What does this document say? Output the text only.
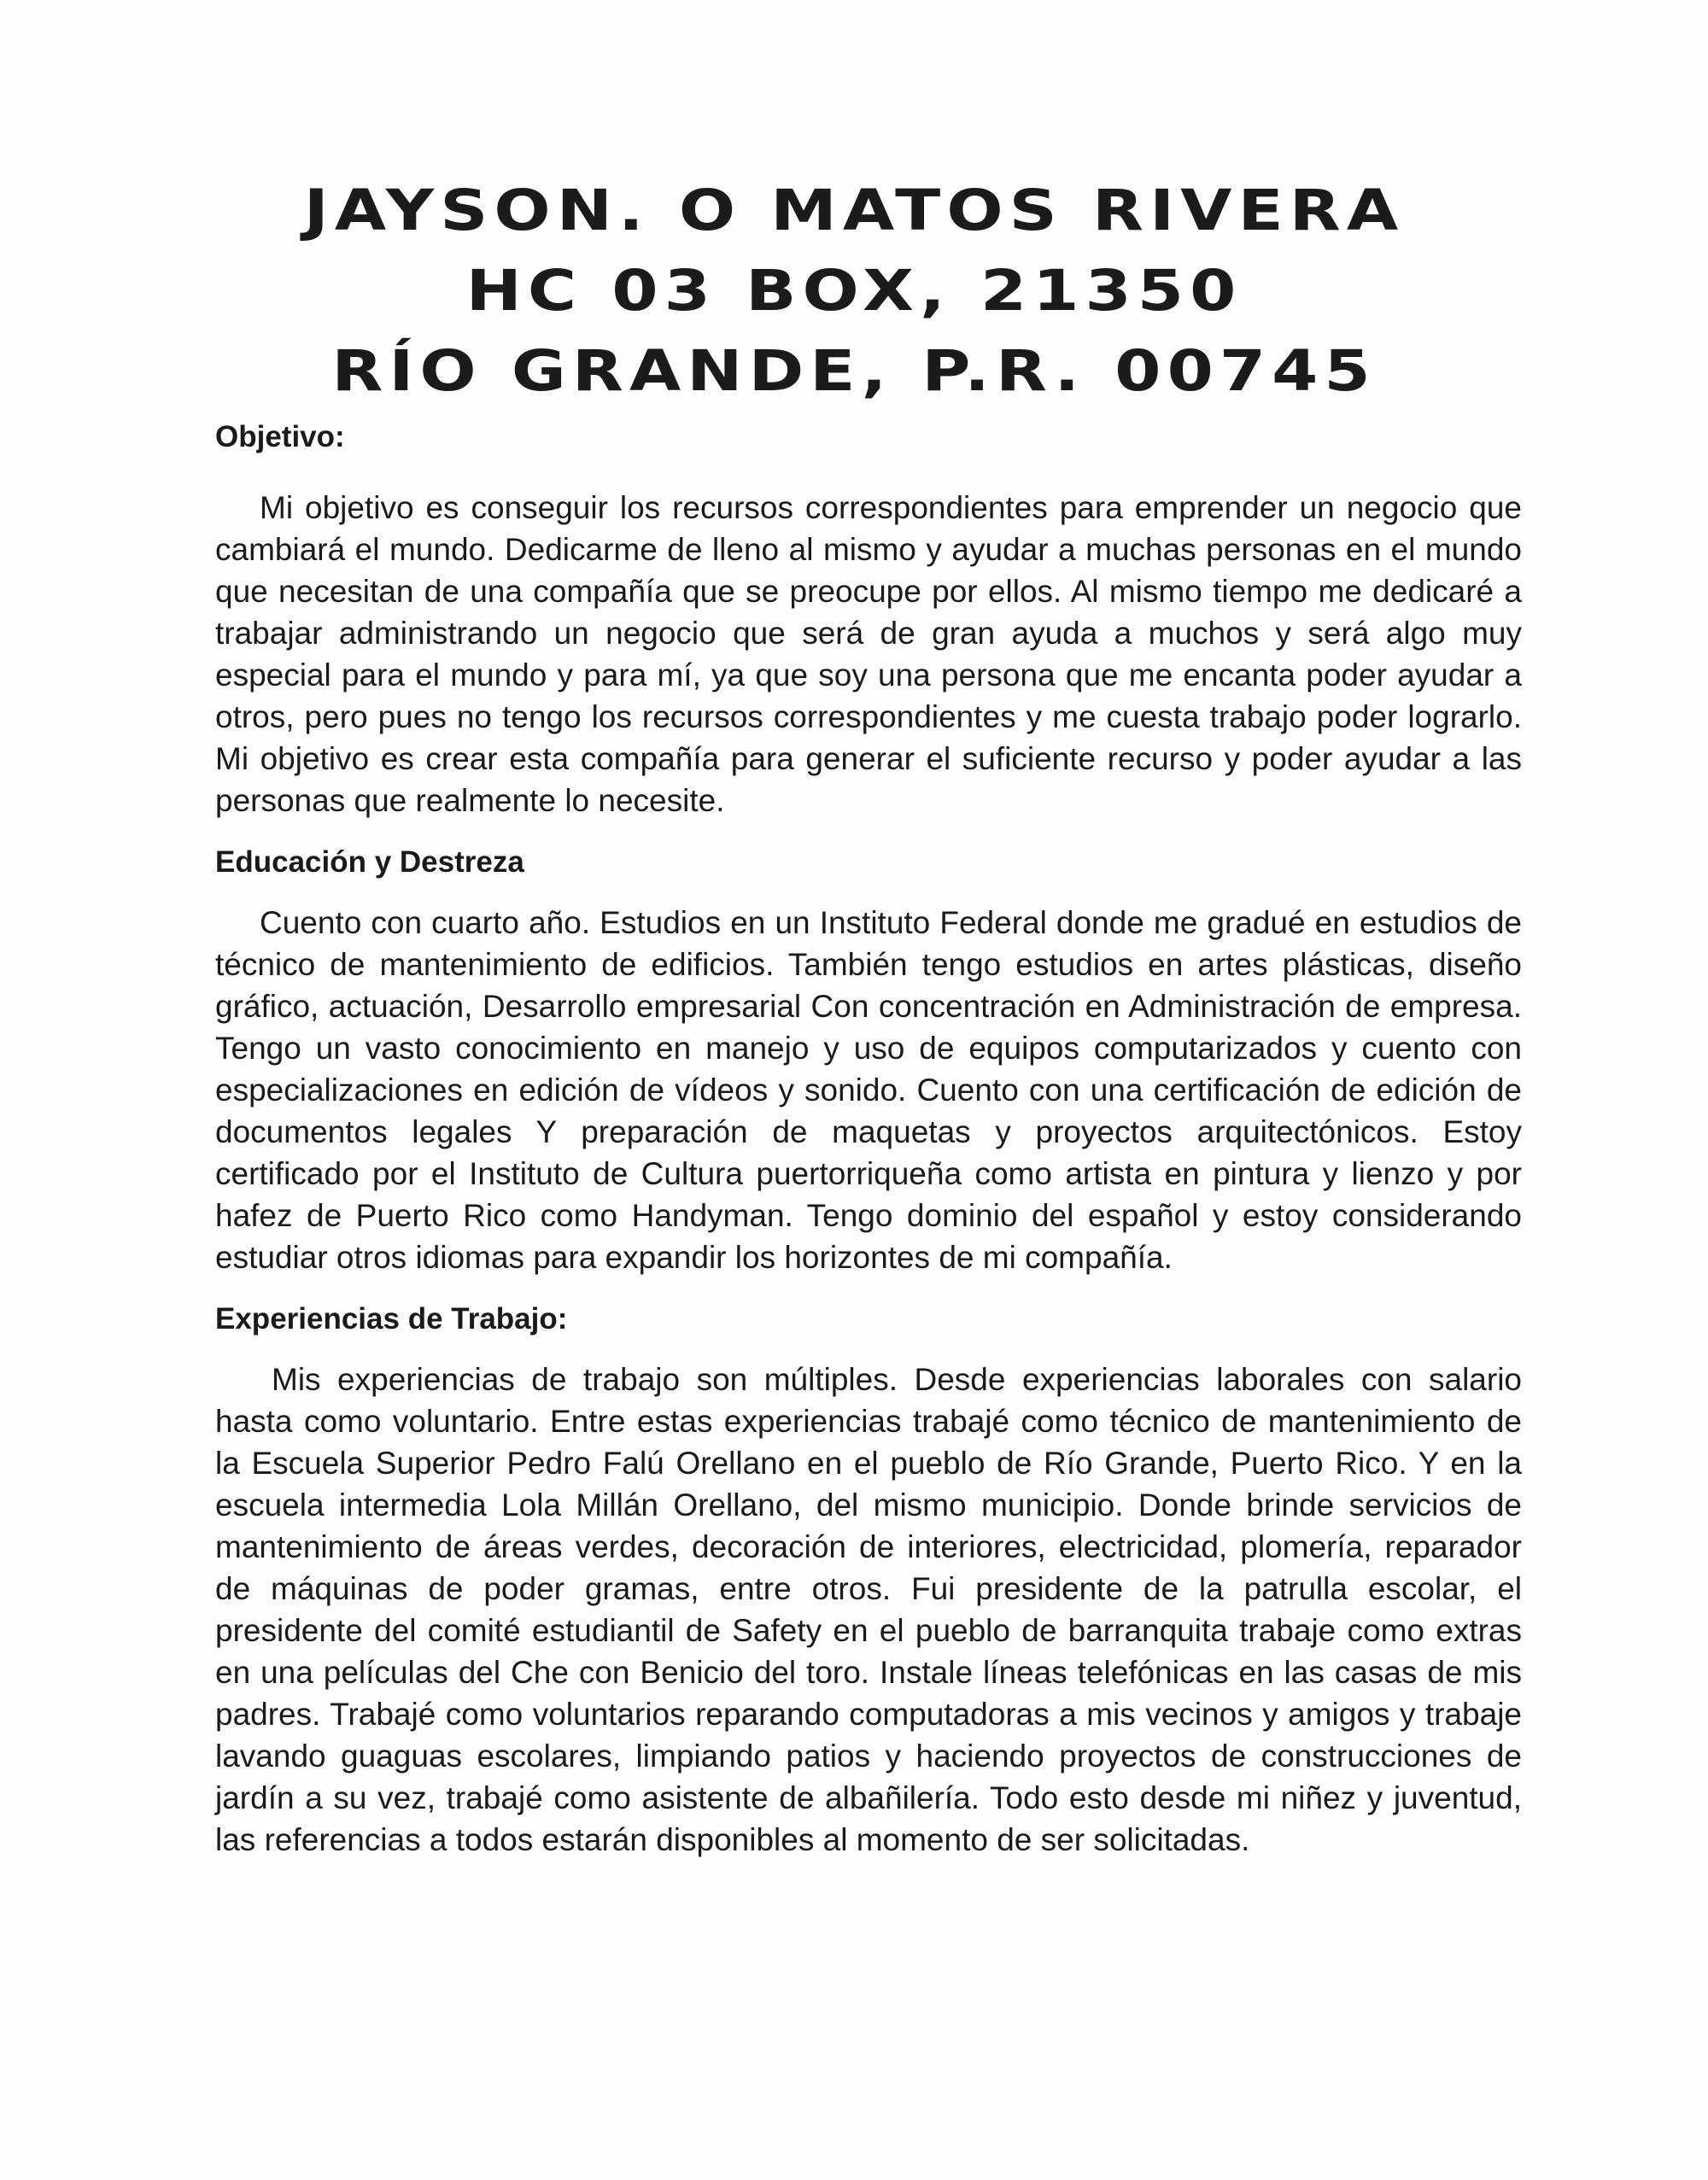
JAYSON. O MATOS RIVERA
HC 03 BOX, 21350
RÍO GRANDE, P.R. 00745
Objetivo:

Mi objetivo es conseguir los recursos correspondientes para emprender un negocio que cambiará el mundo. Dedicarme de lleno al mismo y ayudar a muchas personas en el mundo que necesitan de una compañía que se preocupe por ellos. Al mismo tiempo me dedicaré a trabajar administrando un negocio que será de gran ayuda a muchos y será algo muy especial para el mundo y para mí, ya que soy una persona que me encanta poder ayudar a otros, pero pues no tengo los recursos correspondientes y me cuesta trabajo poder lograrlo. Mi objetivo es crear esta compañía para generar el suficiente recurso y poder ayudar a las personas que realmente lo necesite.

Educación y Destreza

Cuento con cuarto año. Estudios en un Instituto Federal donde me gradué en estudios de técnico de mantenimiento de edificios. También tengo estudios en artes plásticas, diseño gráfico, actuación, Desarrollo empresarial Con concentración en Administración de empresa. Tengo un vasto conocimiento en manejo y uso de equipos computarizados y cuento con especializaciones en edición de vídeos y sonido. Cuento con una certificación de edición de documentos legales Y preparación de maquetas y proyectos arquitectónicos. Estoy certificado por el Instituto de Cultura puertorriqueña como artista en pintura y lienzo y por hafez de Puerto Rico como Handyman. Tengo dominio del español y estoy considerando estudiar otros idiomas para expandir los horizontes de mi compañía.

Experiencias de Trabajo:

Mis experiencias de trabajo son múltiples. Desde experiencias laborales con salario hasta como voluntario. Entre estas experiencias trabajé como técnico de mantenimiento de la Escuela Superior Pedro Falú Orellano en el pueblo de Río Grande, Puerto Rico. Y en la escuela intermedia Lola Millán Orellano, del mismo municipio. Donde brinde servicios de mantenimiento de áreas verdes, decoración de interiores, electricidad, plomería, reparador de máquinas de poder gramas, entre otros. Fui presidente de la patrulla escolar, el presidente del comité estudiantil de Safety en el pueblo de barranquita trabaje como extras en una películas del Che con Benicio del toro. Instale líneas telefónicas en las casas de mis padres. Trabajé como voluntarios reparando computadoras a mis vecinos y amigos y trabaje lavando guaguas escolares, limpiando patios y haciendo proyectos de construcciones de jardín a su vez, trabajé como asistente de albañilería. Todo esto desde mi niñez y juventud, las referencias a todos estarán disponibles al momento de ser solicitadas.
